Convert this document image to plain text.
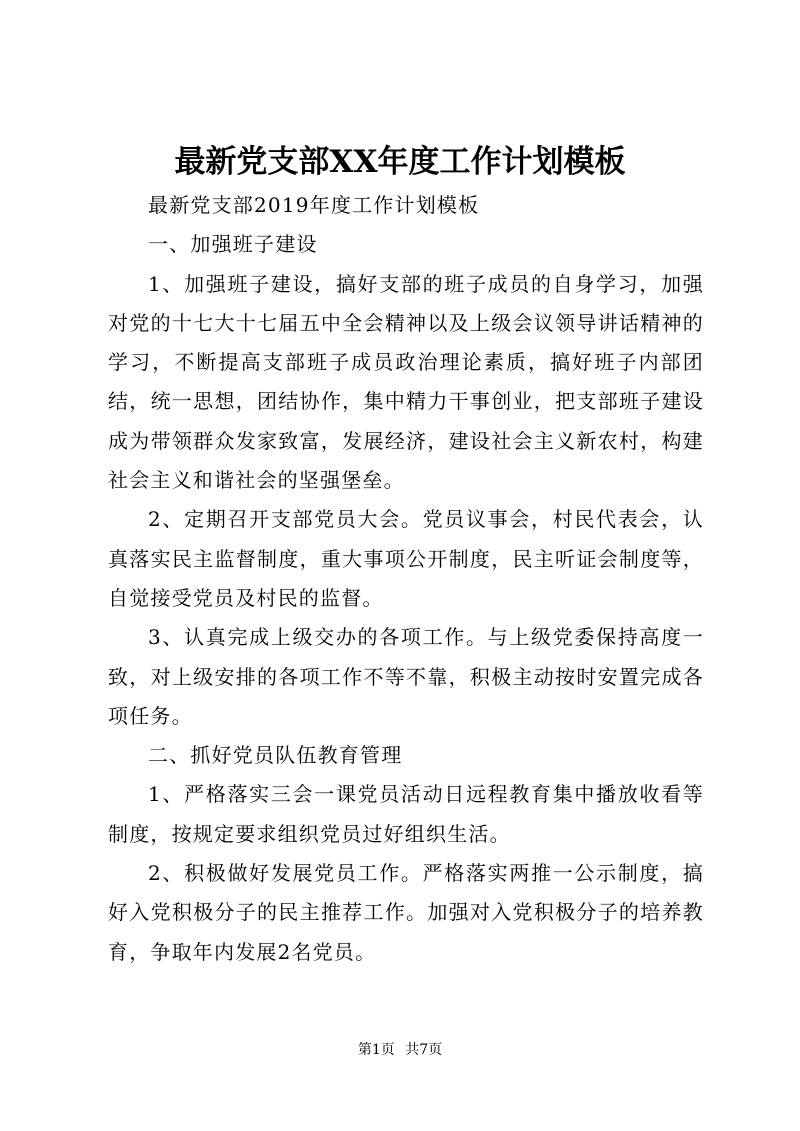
最新党支部XX年度工作计划模板

最新党支部2019年度工作计划模板

一、加强班子建设

1、加强班子建设，搞好支部的班子成员的自身学习，加强对党的十七大十七届五中全会精神以及上级会议领导讲话精神的学习，不断提高支部班子成员政治理论素质，搞好班子内部团结，统一思想，团结协作，集中精力干事创业，把支部班子建设成为带领群众发家致富，发展经济，建设社会主义新农村，构建社会主义和谐社会的坚强堡垒。

2、定期召开支部党员大会。党员议事会，村民代表会，认真落实民主监督制度，重大事项公开制度，民主听证会制度等，自觉接受党员及村民的监督。

3、认真完成上级交办的各项工作。与上级党委保持高度一致，对上级安排的各项工作不等不靠，积极主动按时安置完成各项任务。

二、抓好党员队伍教育管理

1、严格落实三会一课党员活动日远程教育集中播放收看等制度，按规定要求组织党员过好组织生活。

2、积极做好发展党员工作。严格落实两推一公示制度，搞好入党积极分子的民主推荐工作。加强对入党积极分子的培养教育，争取年内发展2名党员。

第1页 共7页
